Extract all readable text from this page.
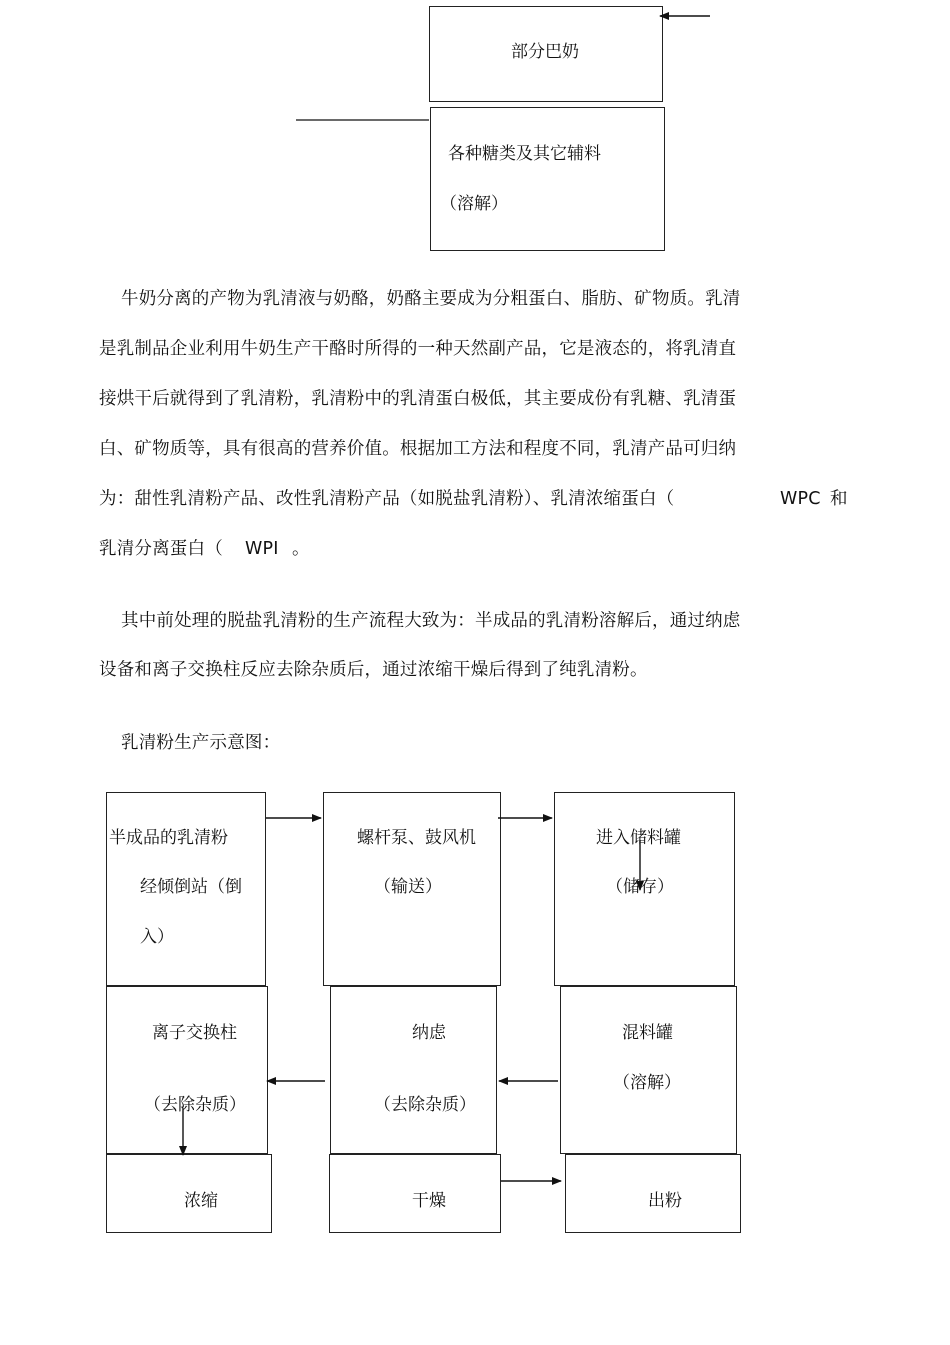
部分巴奶
各种糖类及其它辅料
（溶解）
牛奶分离的产物为乳清液与奶酪，奶酪主要成为分粗蛋白、脂肪、矿物质。乳清
是乳制品企业利用牛奶生产干酪时所得的一种天然副产品，它是液态的，将乳清直
接烘干后就得到了乳清粉，乳清粉中的乳清蛋白极低，其主要成份有乳糖、乳清蛋
白、矿物质等，具有很高的营养价值。根据加工方法和程度不同，乳清产品可归纳
为：甜性乳清粉产品、改性乳清粉产品（如脱盐乳清粉）、乳清浓缩蛋白（	WPC 和
乳清分离蛋白（ WPI 。
其中前处理的脱盐乳清粉的生产流程大致为：半成品的乳清粉溶解后，通过纳虑
设备和离子交换柱反应去除杂质后，通过浓缩干燥后得到了纯乳清粉。
乳清粉生产示意图：
半成品的乳清粉
经倾倒站（倒
入）
螺杆泵、鼓风机
（输送）
进入储料罐
（储存）
混料罐
（溶解）
纳虑
（去除杂质）
离子交换柱
（去除杂质）
浓缩	干燥	出粉
